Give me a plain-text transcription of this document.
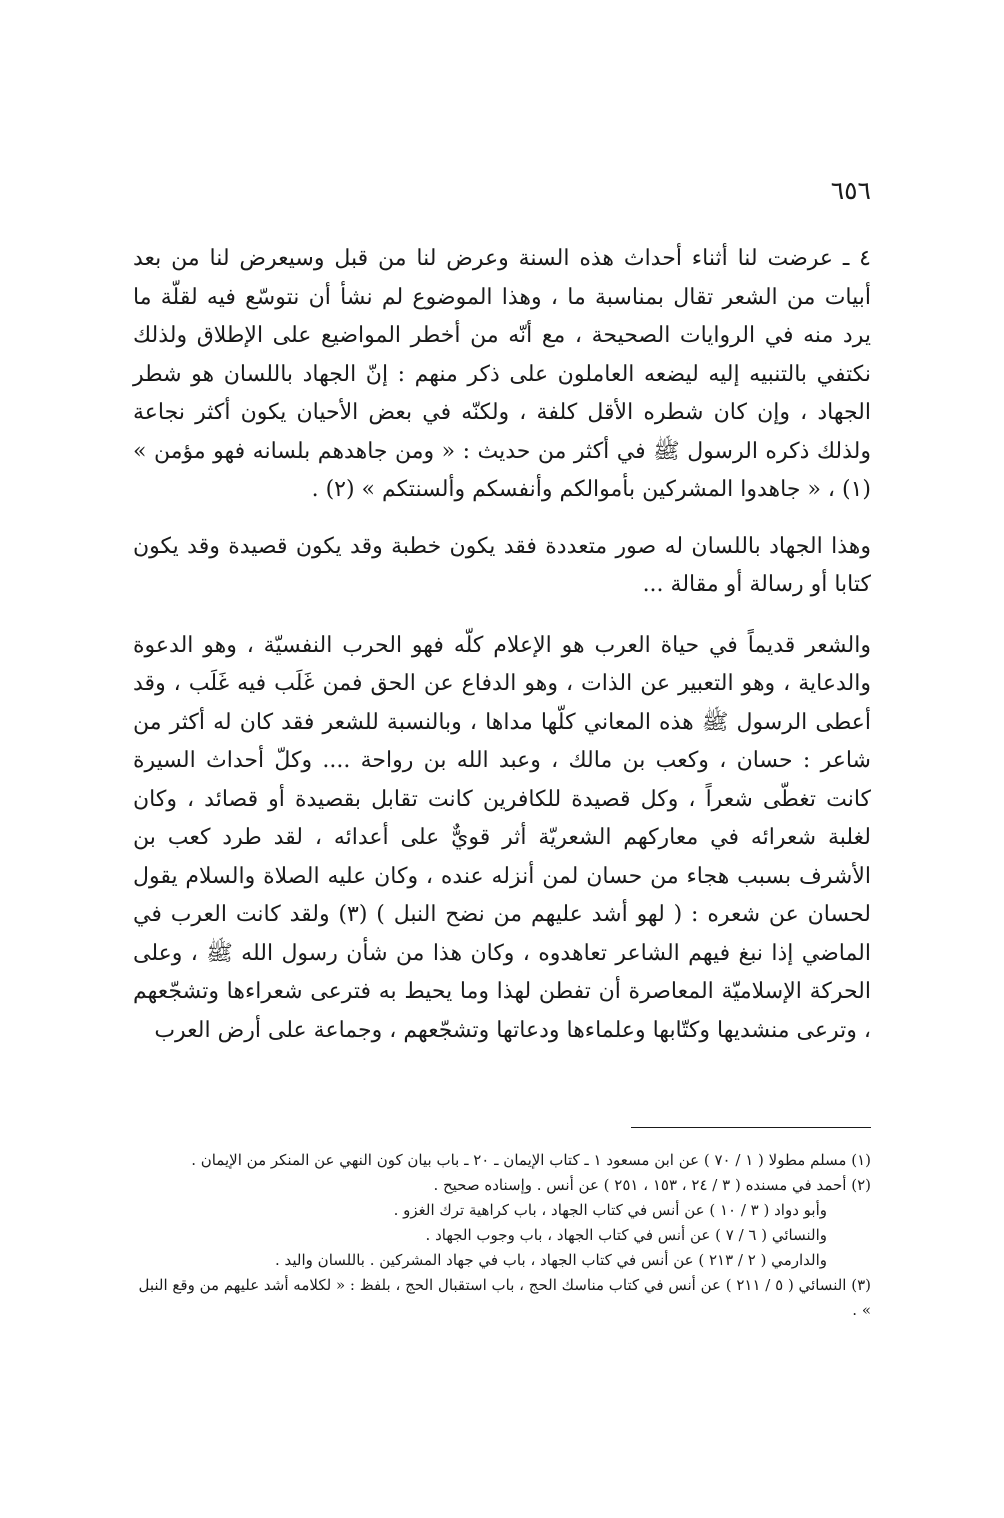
٦٥٦

٤ ـ عرضت لنا أثناء أحداث هذه السنة وعرض لنا من قبل وسيعرض لنا من بعد أبيات من الشعر تقال بمناسبة ما ، وهذا الموضوع لم نشأ أن نتوسّع فيه لقلّة ما يرد منه في الروايات الصحيحة ، مع أنّه من أخطر المواضيع على الإطلاق ولذلك نكتفي بالتنبيه إليه ليضعه العاملون على ذكر منهم : إنّ الجهاد باللسان هو شطر الجهاد ، وإن كان شطره الأقل كلفة ، ولكنّه في بعض الأحيان يكون أكثر نجاعة ولذلك ذكره الرسول ﷺ في أكثر من حديث : « ومن جاهدهم بلسانه فهو مؤمن » (١) ، « جاهدوا المشركين بأموالكم وأنفسكم وألسنتكم » (٢) .

وهذا الجهاد باللسان له صور متعددة فقد يكون خطبة وقد يكون قصيدة وقد يكون كتابا أو رسالة أو مقالة ...

والشعر قديماً في حياة العرب هو الإعلام كلّه فهو الحرب النفسيّة ، وهو الدعوة والدعاية ، وهو التعبير عن الذات ، وهو الدفاع عن الحق فمن غَلَب فيه غَلَب ، وقد أعطى الرسول ﷺ هذه المعاني كلّها مداها ، وبالنسبة للشعر فقد كان له أكثر من شاعر : حسان ، وكعب بن مالك ، وعبد الله بن رواحة .... وكلّ أحداث السيرة كانت تغطّى شعراً ، وكل قصيدة للكافرين كانت تقابل بقصيدة أو قصائد ، وكان لغلبة شعرائه في معاركهم الشعريّة أثر قويٌّ على أعدائه ، لقد طرد كعب بن الأشرف بسبب هجاء من حسان لمن أنزله عنده ، وكان عليه الصلاة والسلام يقول لحسان عن شعره : ( لهو أشد عليهم من نضح النبل ) (٣) ولقد كانت العرب في الماضي إذا نبغ فيهم الشاعر تعاهدوه ، وكان هذا من شأن رسول الله ﷺ ، وعلى الحركة الإسلاميّة المعاصرة أن تفطن لهذا وما يحيط به فترعى شعراءها وتشجّعهم ، وترعى منشديها وكتّابها وعلماءها ودعاتها وتشجّعهم ، وجماعة على أرض العرب

(١) مسلم مطولا ( ١ / ٧٠ ) عن ابن مسعود ١ ـ كتاب الإيمان ـ ٢٠ ـ باب بيان كون النهي عن المنكر من الإيمان .

(٢) أحمد في مسنده ( ٣ / ٢٤ ، ١٥٣ ، ٢٥١ ) عن أنس . وإسناده صحيح .

وأبو دواد ( ٣ / ١٠ ) عن أنس في كتاب الجهاد ، باب كراهية ترك الغزو .

والنسائي ( ٦ / ٧ ) عن أنس في كتاب الجهاد ، باب وجوب الجهاد .

والدارمي ( ٢ / ٢١٣ ) عن أنس في كتاب الجهاد ، باب في جهاد المشركين . باللسان واليد .

(٣) النسائي ( ٥ / ٢١١ ) عن أنس في كتاب مناسك الحج ، باب استقبال الحج ، بلفظ : « لكلامه أشد عليهم من وقع النبل » .
